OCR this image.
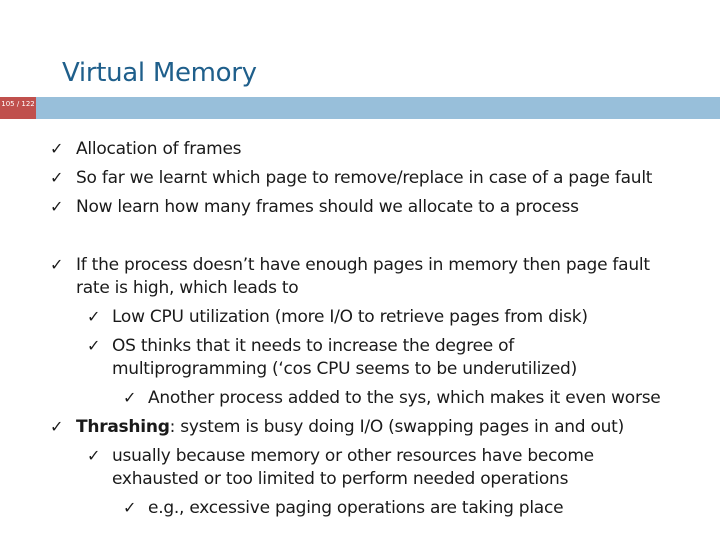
Virtual Memory
105 / 122
✓ Allocation of frames
✓ So far we learnt which page to remove/replace in case of a page fault
✓ Now learn how many frames should we allocate to a process
✓ If the process doesn’t have enough pages in memory then page fault
rate is high, which leads to
✓ Low CPU utilization (more I/O to retrieve pages from disk)
✓ OS thinks that it needs to increase the degree of
multiprogramming (‘cos CPU seems to be underutilized)
✓ Another process added to the sys, which makes it even worse
✓ Thrashing: system is busy doing I/O (swapping pages in and out)
✓ usually because memory or other resources have become
exhausted or too limited to perform needed operations
✓ e.g., excessive paging operations are taking place
